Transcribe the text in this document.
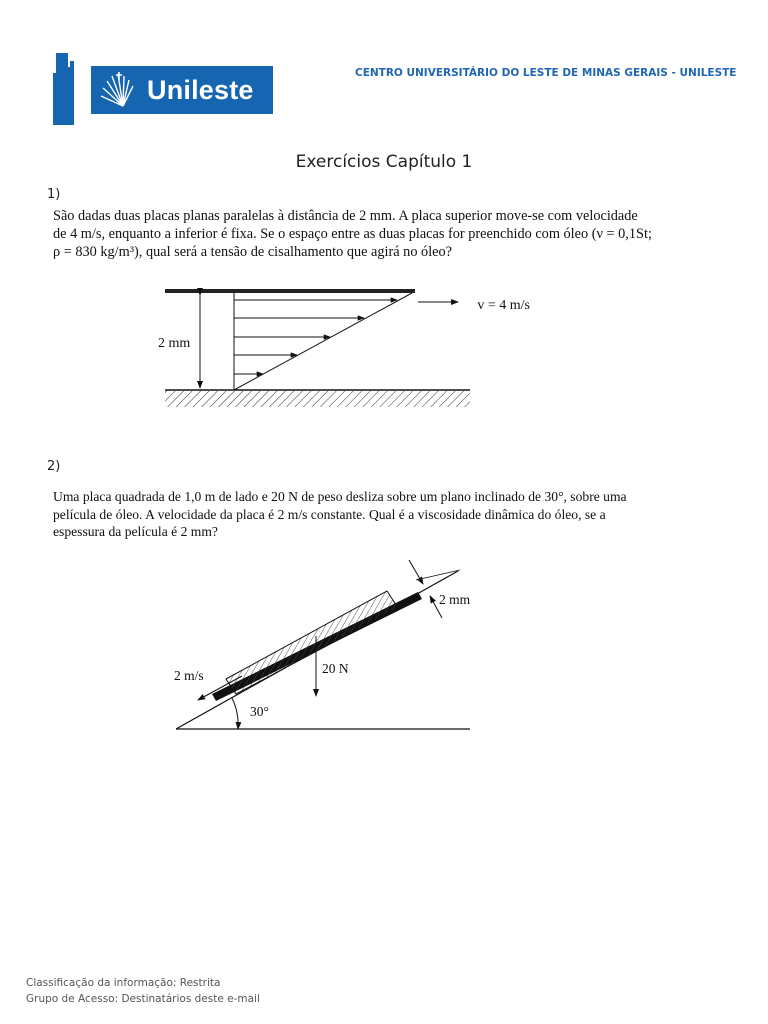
Unileste
CENTRO UNIVERSITÁRIO DO LESTE DE MINAS GERAIS - UNILESTE
Exercícios Capítulo 1
1)
São dadas duas placas planas paralelas à distância de 2 mm. A placa superior move-se com velocidade
de 4 m/s, enquanto a inferior é fixa. Se o espaço entre as duas placas for preenchido com óleo (ν = 0,1St;
ρ = 830 kg/m³), qual será a tensão de cisalhamento que agirá no óleo?
2 mm
v = 4 m/s
2)
Uma placa quadrada de 1,0 m de lado e 20 N de peso desliza sobre um plano inclinado de 30°, sobre uma
película de óleo. A velocidade da placa é 2 m/s constante. Qual é a viscosidade dinâmica do óleo, se a
espessura da película é 2 mm?
2 mm
20 N
2 m/s
30°
Classificação da informação: Restrita
Grupo de Acesso: Destinatários deste e-mail
